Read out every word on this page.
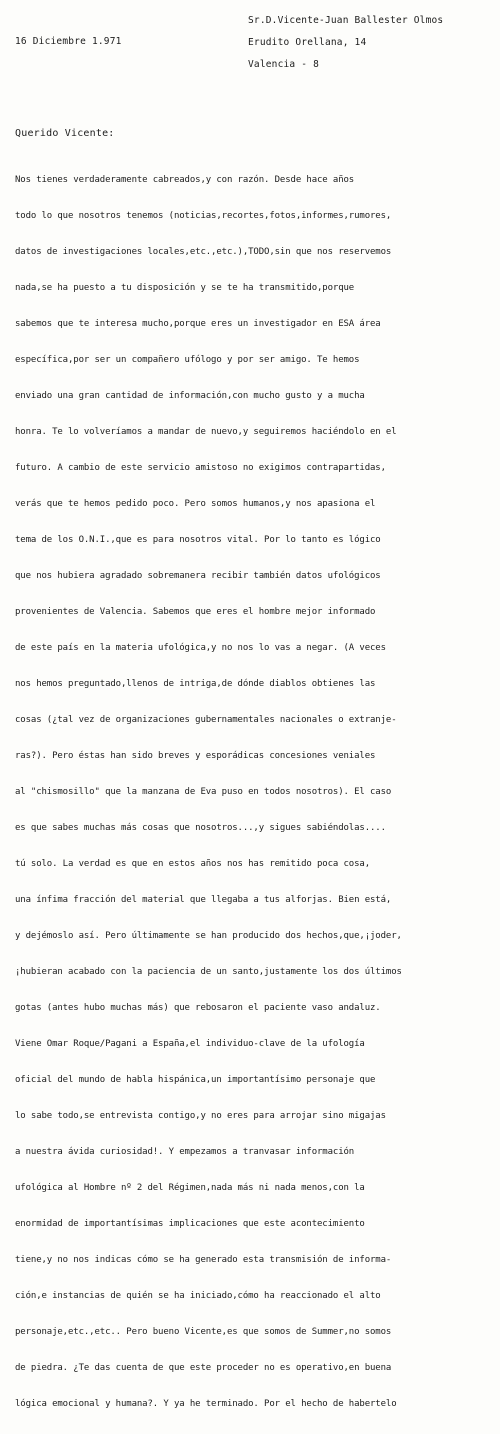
16 Diciembre 1.971
Sr.D.Vicente-Juan Ballester Olmos
Erudito Orellana, 14
Valencia - 8
Querido Vicente:

Nos tienes verdaderamente cabreados,y con razón. Desde hace años

todo lo que nosotros tenemos (noticias,recortes,fotos,informes,rumores,

datos de investigaciones locales,etc.,etc.),TODO,sin que nos reservemos

nada,se ha puesto a tu disposición y se te ha transmitido,porque

sabemos que te interesa mucho,porque eres un investigador en ESA área

específica,por ser un compañero ufólogo y por ser amigo. Te hemos

enviado una gran cantidad de información,con mucho gusto y a mucha

honra. Te lo volveríamos a mandar de nuevo,y seguiremos haciéndolo en el

futuro. A cambio de este servicio amistoso no exigimos contrapartidas,

verás que te hemos pedido poco. Pero somos humanos,y nos apasiona el

tema de los O.N.I.,que es para nosotros vital. Por lo tanto es lógico

que nos hubiera agradado sobremanera recibir también datos ufológicos

provenientes de Valencia. Sabemos que eres el hombre mejor informado

de este país en la materia ufológica,y no nos lo vas a negar. (A veces

nos hemos preguntado,llenos de intriga,de dónde diablos obtienes las

cosas (¿tal vez de organizaciones gubernamentales nacionales o extranje-

ras?). Pero éstas han sido breves y esporádicas concesiones veniales

al "chismosillo" que la manzana de Eva puso en todos nosotros). El caso

es que sabes muchas más cosas que nosotros...,y sigues sabiéndolas....

tú solo. La verdad es que en estos años nos has remitido poca cosa,

una ínfima fracción del material que llegaba a tus alforjas. Bien está,

y dejémoslo así. Pero últimamente se han producido dos hechos,que,¡joder,

¡hubieran acabado con la paciencia de un santo,justamente los dos últimos

gotas (antes hubo muchas más) que rebosaron el paciente vaso andaluz.

Viene Omar Roque/Pagani a España,el individuo-clave de la ufología

oficial del mundo de habla hispánica,un importantísimo personaje que

lo sabe todo,se entrevista contigo,y no eres para arrojar sino migajas

a nuestra ávida curiosidad!. Y empezamos a tranvasar información

ufológica al Hombre nº 2 del Régimen,nada más ni nada menos,con la

enormidad de importantísimas implicaciones que este acontecimiento

tiene,y no nos indicas cómo se ha generado esta transmisión de informa-

ción,e instancias de quién se ha iniciado,cómo ha reaccionado el alto

personaje,etc.,etc.. Pero bueno Vicente,es que somos de Summer,no somos

de piedra. ¿Te das cuenta de que este proceder no es operativo,en buena

lógica emocional y humana?. Y ya he terminado. Por el hecho de habertelo
